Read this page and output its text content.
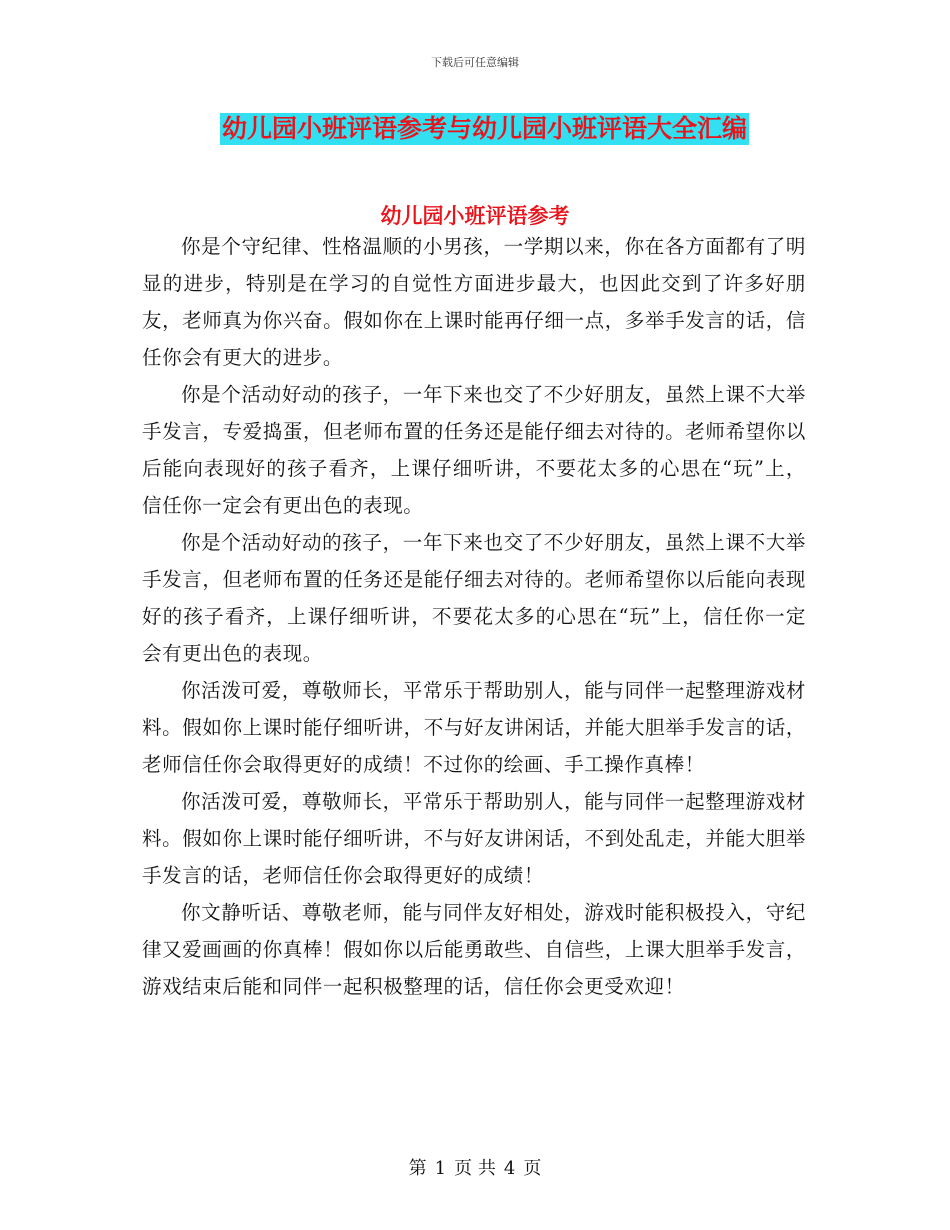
下载后可任意编辑
幼儿园小班评语参考与幼儿园小班评语大全汇编
幼儿园小班评语参考

你是个守纪律、性格温顺的小男孩，一学期以来，你在各方面都有了明显的进步，特别是在学习的自觉性方面进步最大，也因此交到了许多好朋友，老师真为你兴奋。假如你在上课时能再仔细一点，多举手发言的话，信任你会有更大的进步。

你是个活动好动的孩子，一年下来也交了不少好朋友，虽然上课不大举手发言，专爱捣蛋，但老师布置的任务还是能仔细去对待的。老师希望你以后能向表现好的孩子看齐，上课仔细听讲，不要花太多的心思在“玩”上，信任你一定会有更出色的表现。

你是个活动好动的孩子，一年下来也交了不少好朋友，虽然上课不大举手发言，但老师布置的任务还是能仔细去对待的。老师希望你以后能向表现好的孩子看齐，上课仔细听讲，不要花太多的心思在“玩”上，信任你一定会有更出色的表现。

你活泼可爱，尊敬师长，平常乐于帮助别人，能与同伴一起整理游戏材料。假如你上课时能仔细听讲，不与好友讲闲话，并能大胆举手发言的话，老师信任你会取得更好的成绩！不过你的绘画、手工操作真棒！

你活泼可爱，尊敬师长，平常乐于帮助别人，能与同伴一起整理游戏材料。假如你上课时能仔细听讲，不与好友讲闲话，不到处乱走，并能大胆举手发言的话，老师信任你会取得更好的成绩！

你文静听话、尊敬老师，能与同伴友好相处，游戏时能积极投入，守纪律又爱画画的你真棒！假如你以后能勇敢些、自信些，上课大胆举手发言，游戏结束后能和同伴一起积极整理的话，信任你会更受欢迎！

第 1 页 共 4 页
